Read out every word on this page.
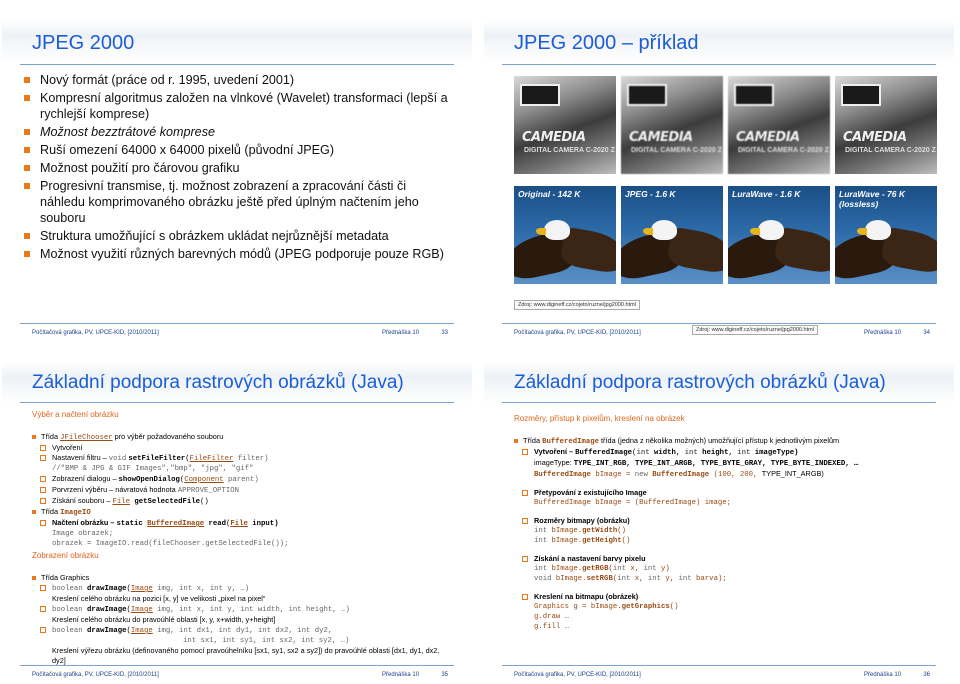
JPEG 2000
Nový formát (práce od r. 1995, uvedení 2001)
Kompresní algoritmus založen na vlnkové (Wavelet) transformaci (lepší a rychlejší komprese)
Možnost bezztrátové komprese
Ruší omezení 64000 x 64000 pixelů (původní JPEG)
Možnost použití pro čárovou grafiku
Progresivní transmise, tj. možnost zobrazení a zpracování části či náhledu komprimovaného obrázku ještě před úplným načtením jeho souboru
Struktura umožňující s obrázkem ukládat nejrůznější metadata
Možnost využití různých barevných módů (JPEG podporuje pouze RGB)
Počítačová grafika, PV, UPCE-KID, [2010/2011]	Přednáška 10	33
JPEG 2000 – příklad
CAMEDIA
DIGITAL CAMERA C-2020 Z
CAMEDIA
DIGITAL CAMERA C-2020 Z
CAMEDIA
DIGITAL CAMERA C-2020 Z
CAMEDIA
DIGITAL CAMERA C-2020 Z
Original - 142 K	JPEG - 1.6 K	LuraWave - 1.6 K	LuraWave - 76 K (lossless)
Zdroj: www.digineff.cz/cojeto/ruzne/jpg2000.html
Počítačová grafika, PV, UPCE-KID, [2010/2011]	Zdroj: www.digineff.cz/cojeto/ruzne/jpg2000.html	Přednáška 10	34
Základní podpora rastrových obrázků (Java)
Výběr a načtení obrázku
Třída JFileChooser pro výběr požadovaného souboru
Vytvoření
Nastavení filtru – void setFileFilter(FileFilter filter)
//"BMP & JPG & GIF Images","bmp", "jpg", "gif"
Zobrazení dialogu – showOpenDialog(Component parent)
Porvrzení výběru – návratová hodnota APPROVE_OPTION
Získání souboru – File getSelectedFile()
Třída ImageIO
Načtení obrázku – static BufferedImage read(File input)
Image obrazek;
obrazek = ImageIO.read(fileChooser.getSelectedFile());
Zobrazení obrázku
Třída Graphics
boolean drawImage(Image img, int x, int y, …)
Kreslení celého obrázku na pozici [x, y] ve velikosti „pixel na pixel“
boolean drawImage(Image img, int x, int y, int width, int height, …)
Kreslení celého obrázku do pravoúhlé oblasti [x, y, x+width, y+height]
boolean drawImage(Image img, int dx1, int dy1, int dx2, int dy2,
int sx1, int sy1, int sx2, int sy2, …)
Kreslení výřezu obrázku (definovaného pomocí pravoúhelníku [sx1, sy1, sx2 a sy2]) do pravoúhlé oblasti [dx1, dy1, dx2, dy2]
Počítačová grafika, PV, UPCE-KID, [2010/2011]	Přednáška 10	35
Základní podpora rastrových obrázků (Java)
Rozměry, přístup k pixelům, kreslení na obrázek
Třída BufferedImage třída (jedna z několika možných) umožňující přístup k jednotlivým pixelům
Vytvoření – BufferedImage(int width, int height, int imageType)
imageType: TYPE_INT_RGB, TYPE_INT_ARGB, TYPE_BYTE_GRAY, TYPE_BYTE_INDEXED, …
BufferedImage bImage = new BufferedImage (100, 200, TYPE_INT_ARGB)
Přetypování z existujícího Image
BufferedImage bImage = (BufferedImage) image;
Rozměry bitmapy (obrázku)
int bImage.getWidth()
int bImage.getHeight()
Získání a nastavení barvy pixelu
int bImage.getRGB(int x, int y)
void bImage.setRGB(int x, int y, int barva);
Kreslení na bitmapu (obrázek)
Graphics g = bImage.getGraphics()
g.draw …
g.fill …
Počítačová grafika, PV, UPCE-KID, [2010/2011]	Přednáška 10	36
